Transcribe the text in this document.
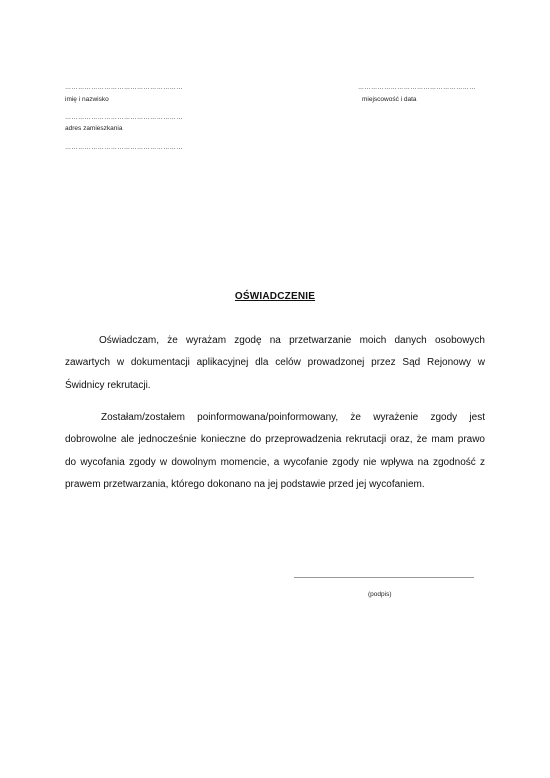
………………………………………………
imię i nazwisko
………………………………………………
miejscowość i data
………………………………………………
adres zamieszkania
………………………………………………
OŚWIADCZENIE

Oświadczam, że wyrażam zgodę na przetwarzanie moich danych osobowych zawartych w dokumentacji aplikacyjnej dla celów prowadzonej przez Sąd Rejonowy w Świdnicy rekrutacji.

Zostałam/zostałem poinformowana/poinformowany, że wyrażenie zgody jest dobrowolne ale jednocześnie konieczne do przeprowadzenia rekrutacji oraz, że mam prawo do wycofania zgody w dowolnym momencie, a wycofanie zgody nie wpływa na zgodność z prawem przetwarzania, którego dokonano na jej podstawie przed jej wycofaniem.

(podpis)
